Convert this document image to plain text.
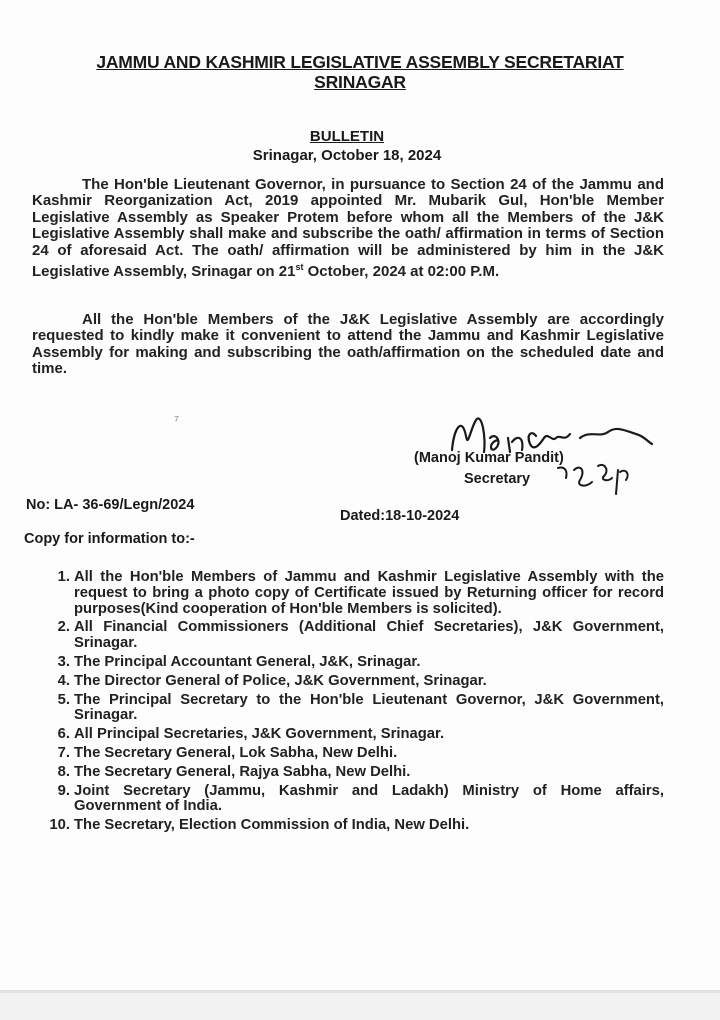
JAMMU AND KASHMIR LEGISLATIVE ASSEMBLY SECRETARIAT
SRINAGAR
BULLETIN
Srinagar, October 18, 2024
The Hon'ble Lieutenant Governor, in pursuance to Section 24 of the Jammu and Kashmir Reorganization Act, 2019 appointed Mr. Mubarik Gul, Hon'ble Member Legislative Assembly as Speaker Protem before whom all the Members of the J&K Legislative Assembly shall make and subscribe the oath/ affirmation in terms of Section 24 of aforesaid Act. The oath/ affirmation will be administered by him in the J&K Legislative Assembly, Srinagar on 21st October, 2024 at 02:00 P.M.
All the Hon'ble Members of the J&K Legislative Assembly are accordingly requested to kindly make it convenient to attend the Jammu and Kashmir Legislative Assembly for making and subscribing the oath/affirmation on the scheduled date and time.
⁷
(Manoj Kumar Pandit)
Secretary
No: LA- 36-69/Legn/2024
Dated:18-10-2024
Copy for information to:-
1. All the Hon'ble Members of Jammu and Kashmir Legislative Assembly with the request to bring a photo copy of Certificate issued by Returning officer for record purposes(Kind cooperation of Hon'ble Members is solicited).
2. All Financial Commissioners (Additional Chief Secretaries), J&K Government, Srinagar.
3. The Principal Accountant General, J&K, Srinagar.
4. The Director General of Police, J&K Government, Srinagar.
5. The Principal Secretary to the Hon'ble Lieutenant Governor, J&K Government, Srinagar.
6. All Principal Secretaries, J&K Government, Srinagar.
7. The Secretary General, Lok Sabha, New Delhi.
8. The Secretary General, Rajya Sabha, New Delhi.
9. Joint Secretary (Jammu, Kashmir and Ladakh) Ministry of Home affairs, Government of India.
10. The Secretary, Election Commission of India, New Delhi.
